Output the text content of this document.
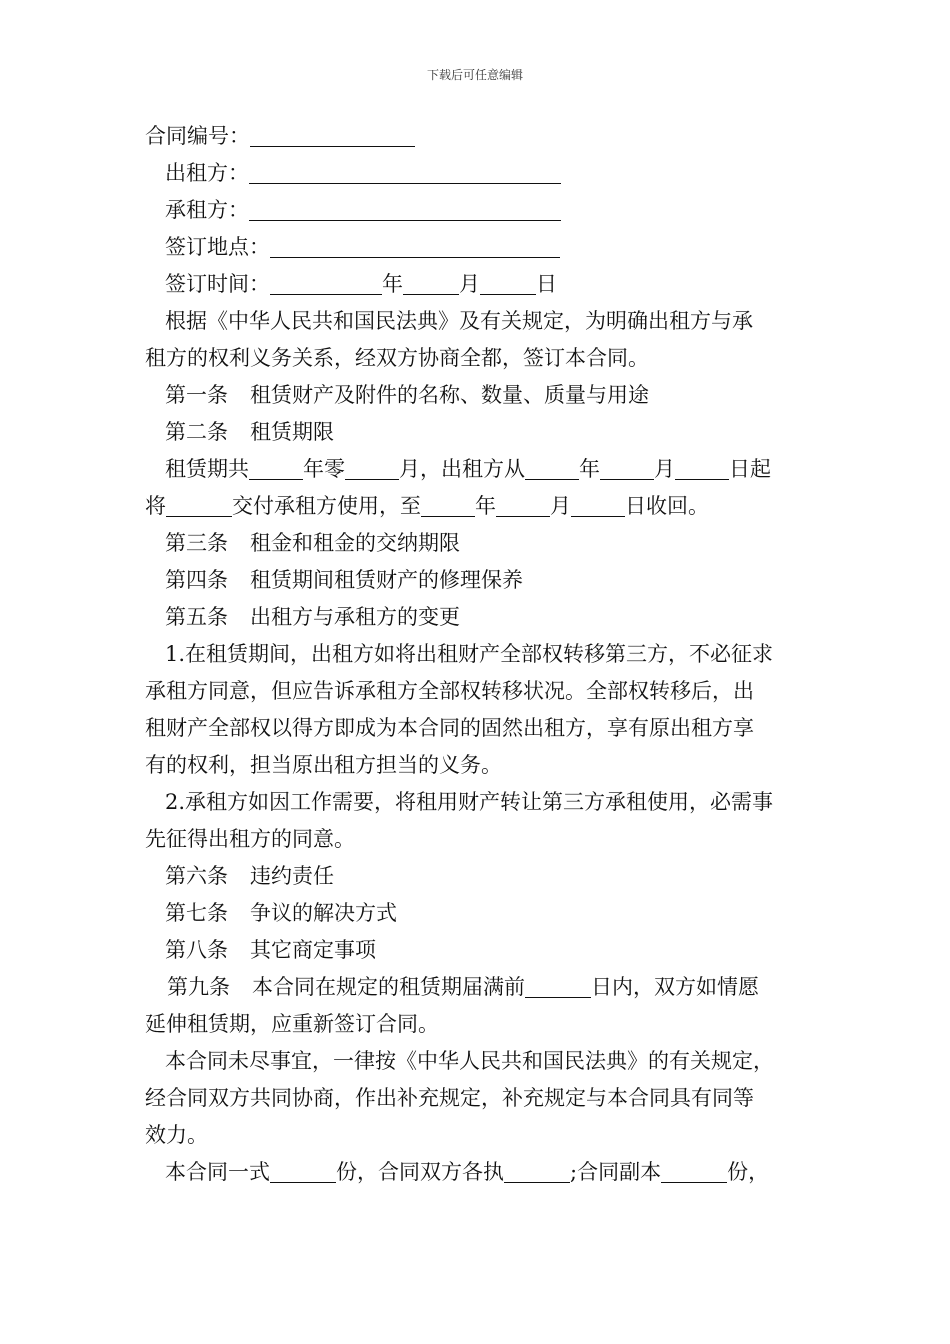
下载后可任意编辑
合同编号：
出租方：
承租方：
签订地点：
签订时间：	年	月	日
根据《中华人民共和国民法典》及有关规定，为明确出租方与承
租方的权利义务关系，经双方协商全都，签订本合同。
第一条 租赁财产及附件的名称、数量、质量与用途
第二条 租赁期限
租赁期共	年零	月，出租方从	年	月	日起
将	交付承租方使用，至	年	月	日收回。
第三条 租金和租金的交纳期限
第四条 租赁期间租赁财产的修理保养
第五条 出租方与承租方的变更
1.在租赁期间，出租方如将出租财产全部权转移第三方，不必征求
承租方同意，但应告诉承租方全部权转移状况。全部权转移后，出
租财产全部权以得方即成为本合同的固然出租方，享有原出租方享
有的权利，担当原出租方担当的义务。
2.承租方如因工作需要，将租用财产转让第三方承租使用，必需事
先征得出租方的同意。
第六条 违约责任
第七条 争议的解决方式
第八条 其它商定事项
第九条 本合同在规定的租赁期届满前	日内，双方如情愿
延伸租赁期，应重新签订合同。
本合同未尽事宜，一律按《中华人民共和国民法典》的有关规定，
经合同双方共同协商，作出补充规定，补充规定与本合同具有同等
效力。
本合同一式	份，合同双方各执	;合同副本	份，
